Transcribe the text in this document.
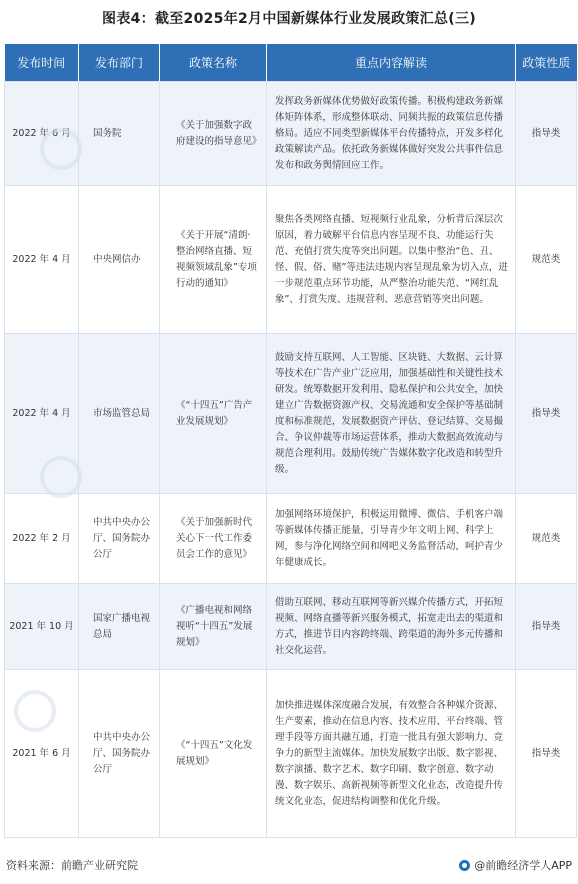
图表4：截至2025年2月中国新媒体行业发展政策汇总(三)
发布时间	发布部门	政策名称	重点内容解读	政策性质
2022 年 6 月	国务院	《关于加强数字政府建设的指导意见》	发挥政务新媒体优势做好政策传播。积极构建政务新媒体矩阵体系，形成整体联动、同频共振的政策信息传播格局。适应不同类型新媒体平台传播特点，开发多样化政策解读产品。依托政务新媒体做好突发公共事件信息发布和政务舆情回应工作。	指导类
2022 年 4 月	中央网信办	《关于开展“清朗·整治网络直播、短视频领域乱象”专项行动的通知》	聚焦各类网络直播、短视频行业乱象，分析背后深层次原因，着力破解平台信息内容呈现不良、功能运行失范、充值打赏失度等突出问题。以集中整治“色、丑、怪、假、俗、赌”等违法违规内容呈现乱象为切入点，进一步规范重点环节功能，从严整治功能失范、“网红乱象”、打赏失度、违规营利、恶意营销等突出问题。	规范类
2022 年 4 月	市场监管总局	《“十四五”广告产业发展规划》	鼓励支持互联网、人工智能、区块链、大数据、云计算等技术在广告产业广泛应用，加强基础性和关键性技术研发。统筹数据开发利用、隐私保护和公共安全，加快建立广告数据资源产权、交易流通和安全保护等基础制度和标准规范，发展数据资产评估、登记结算、交易撮合、争议仲裁等市场运营体系，推动大数据高效流动与规范合理利用。鼓励传统广告媒体数字化改造和转型升级。	指导类
2022 年 2 月	中共中央办公厅、国务院办公厅	《关于加强新时代关心下一代工作委员会工作的意见》	加强网络环境保护，积极运用微博、微信、手机客户端等新媒体传播正能量，引导青少年文明上网、科学上网，参与净化网络空间和网吧义务监督活动，呵护青少年健康成长。	规范类
2021 年 10 月	国家广播电视总局	《广播电视和网络视听“十四五”发展规划》	借助互联网、移动互联网等新兴媒介传播方式，开拓短视频、网络直播等新兴服务模式，拓宽走出去的渠道和方式，推进节目内容跨终端、跨渠道的海外多元传播和社交化运营。	指导类
2021 年 6 月	中共中央办公厅、国务院办公厅	《“十四五”文化发展规划》	加快推进媒体深度融合发展，有效整合各种媒介资源、生产要素，推动在信息内容、技术应用、平台终端、管理手段等方面共融互通，打造一批具有强大影响力、竞争力的新型主流媒体。加快发展数字出版、数字影视、数字演播、数字艺术、数字印刷、数字创意、数字动漫、数字娱乐、高新视频等新型文化业态，改造提升传统文化业态，促进结构调整和优化升级。	指导类
资料来源：前瞻产业研究院	@前瞻经济学人APP
